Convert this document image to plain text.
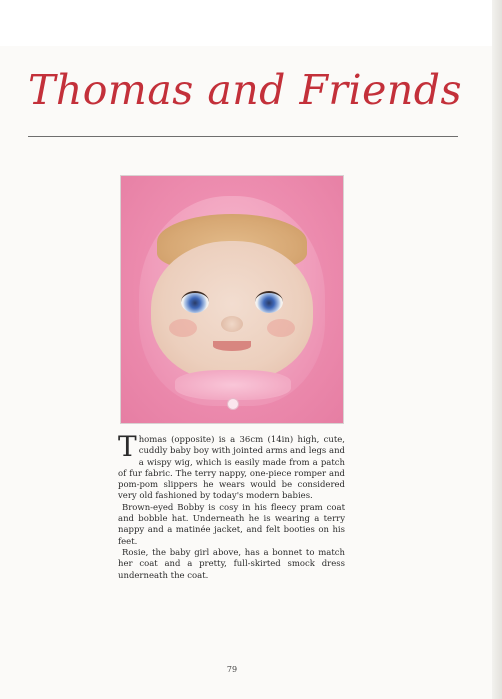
Thomas and Friends

Thomas (opposite) is a 36cm (14in) high, cute, cuddly baby boy with jointed arms and legs and a wispy wig, which is easily made from a patch of fur fabric. The terry nappy, one-piece romper and pom-pom slippers he wears would be considered very old fashioned by today's modern babies.

Brown-eyed Bobby is cosy in his fleecy pram coat and bobble hat. Underneath he is wearing a terry nappy and a matinée jacket, and felt booties on his feet.

Rosie, the baby girl above, has a bonnet to match her coat and a pretty, full-skirted smock dress underneath the coat.

79
